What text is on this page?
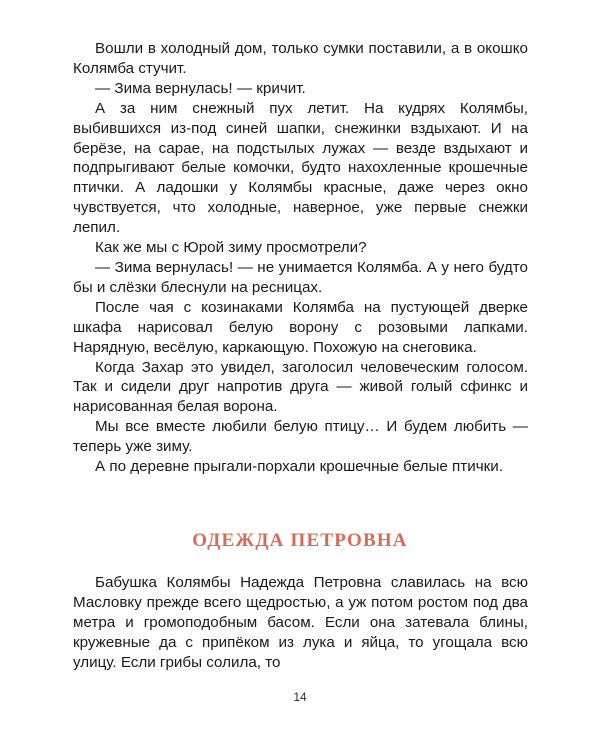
Вошли в холодный дом, только сумки поставили, а в окошко Колямба стучит.

— Зима вернулась! — кричит.

А за ним снежный пух летит. На кудрях Колямбы, выбившихся из-под синей шапки, снежинки вздыхают. И на берёзе, на сарае, на подстылых лужах — везде вздыхают и подпрыгивают белые комочки, будто нахохленные крошечные птички. А ладошки у Колямбы красные, даже через окно чувствуется, что холодные, наверное, уже первые снежки лепил.

Как же мы с Юрой зиму просмотрели?

— Зима вернулась! — не унимается Колямба. А у него будто бы и слёзки блеснули на ресницах.

После чая с козинаками Колямба на пустующей дверке шкафа нарисовал белую ворону с розовыми лапками. Нарядную, весёлую, каркающую. Похожую на снеговика.

Когда Захар это увидел, заголосил человеческим голосом. Так и сидели друг напротив друга — живой голый сфинкс и нарисованная белая ворона.

Мы все вместе любили белую птицу… И будем любить — теперь уже зиму.

А по деревне прыгали-порхали крошечные белые птички.

ОДЕЖДА ПЕТРОВНА

Бабушка Колямбы Надежда Петровна славилась на всю Масловку прежде всего щедростью, а уж потом ростом под два метра и громоподобным басом. Если она затевала блины, кружевные да с припёком из лука и яйца, то угощала всю улицу. Если грибы солила, то

14
